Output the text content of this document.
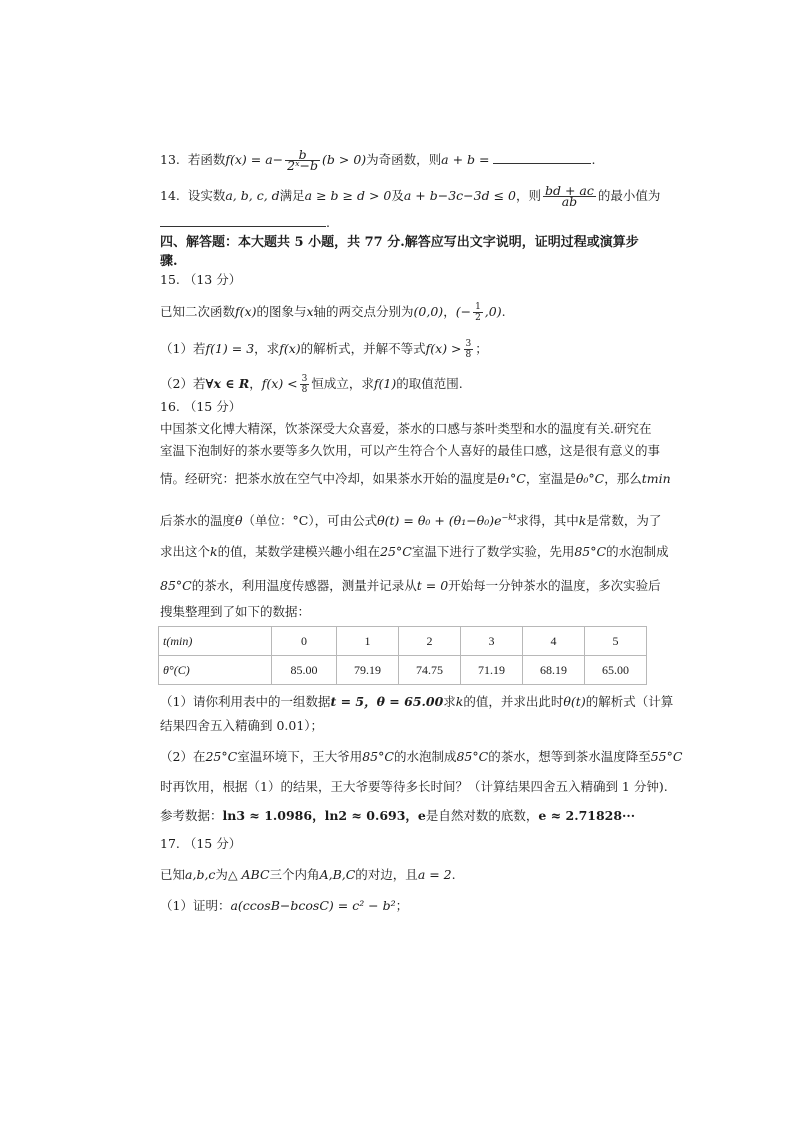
13. 若函数$f(x) = a- \frac{b}{\text{2ˣ−b}} (b > 0)$为奇函数，则a + b =	.
14. 设实数a, b, c, d满足a ≥ b ≥ d > 0及a + b−3c−3d ≤ 0，则 $\frac{bd + ac}{ab}$ 的最小值为
.
四、解答题：本大题共 5 小题，共 77 分.解答应写出文字说明，证明过程或演算步骤.
15. （13 分）
已知二次函数f(x)的图象与x轴的两交点分别为(0,0)，(− $\frac{1}{2} ,0$).
（1）若f(1) = 3，求f(x)的解析式，并解不等式$f(x) > \frac{3}{8}$ ；
（2）若∀x ∈ R，$f(x) < \frac{3}{8}$ 恒成立，求f(1)的取值范围.
16. （15 分）
中国茶文化博大精深，饮茶深受大众喜爱，茶水的口感与茶叶类型和水的温度有关.研究在
室温下泡制好的茶水要等多久饮用，可以产生符合个人喜好的最佳口感，这是很有意义的事
情。经研究：把茶水放在空气中冷却，如果茶水开始的温度是θ₁°C，室温是θ₀°C，那么tmin
后茶水的温度θ（单位：°C），可由公式$\theta(t) = \theta_0 + (\theta_1-\theta_0)e^{-kt}$求得，其中k是常数，为了
求出这个k的值，某数学建模兴趣小组在25°C室温下进行了数学实验，先用85°C的水泡制成
85°C的茶水，利用温度传感器，测量并记录从t = 0开始每一分钟茶水的温度，多次实验后
搜集整理到了如下的数据：
t(min)	0	1	2	3	4	5
θ°(C)	85.00	79.19	74.75	71.19	68.19	65.00
（1）请你利用表中的一组数据t = 5，θ = 65.00求k的值，并求出此时θ(t)的解析式（计算
结果四舍五入精确到 0.01）；
（2）在25°C室温环境下，王大爷用85°C的水泡制成85°C的茶水，想等到茶水温度降至55°C
时再饮用，根据（1）的结果，王大爷要等待多长时间？（计算结果四舍五入精确到 1 分钟).
参考数据：ln3 ≈ 1.0986，ln2 ≈ 0.693，e是自然对数的底数，e ≈ 2.71828···
17. （15 分）
已知a,b,c为△ ABC三个内角A,B,C的对边，且a = 2.
（1）证明：a(ccosB−bcosC) = c² − b²；
